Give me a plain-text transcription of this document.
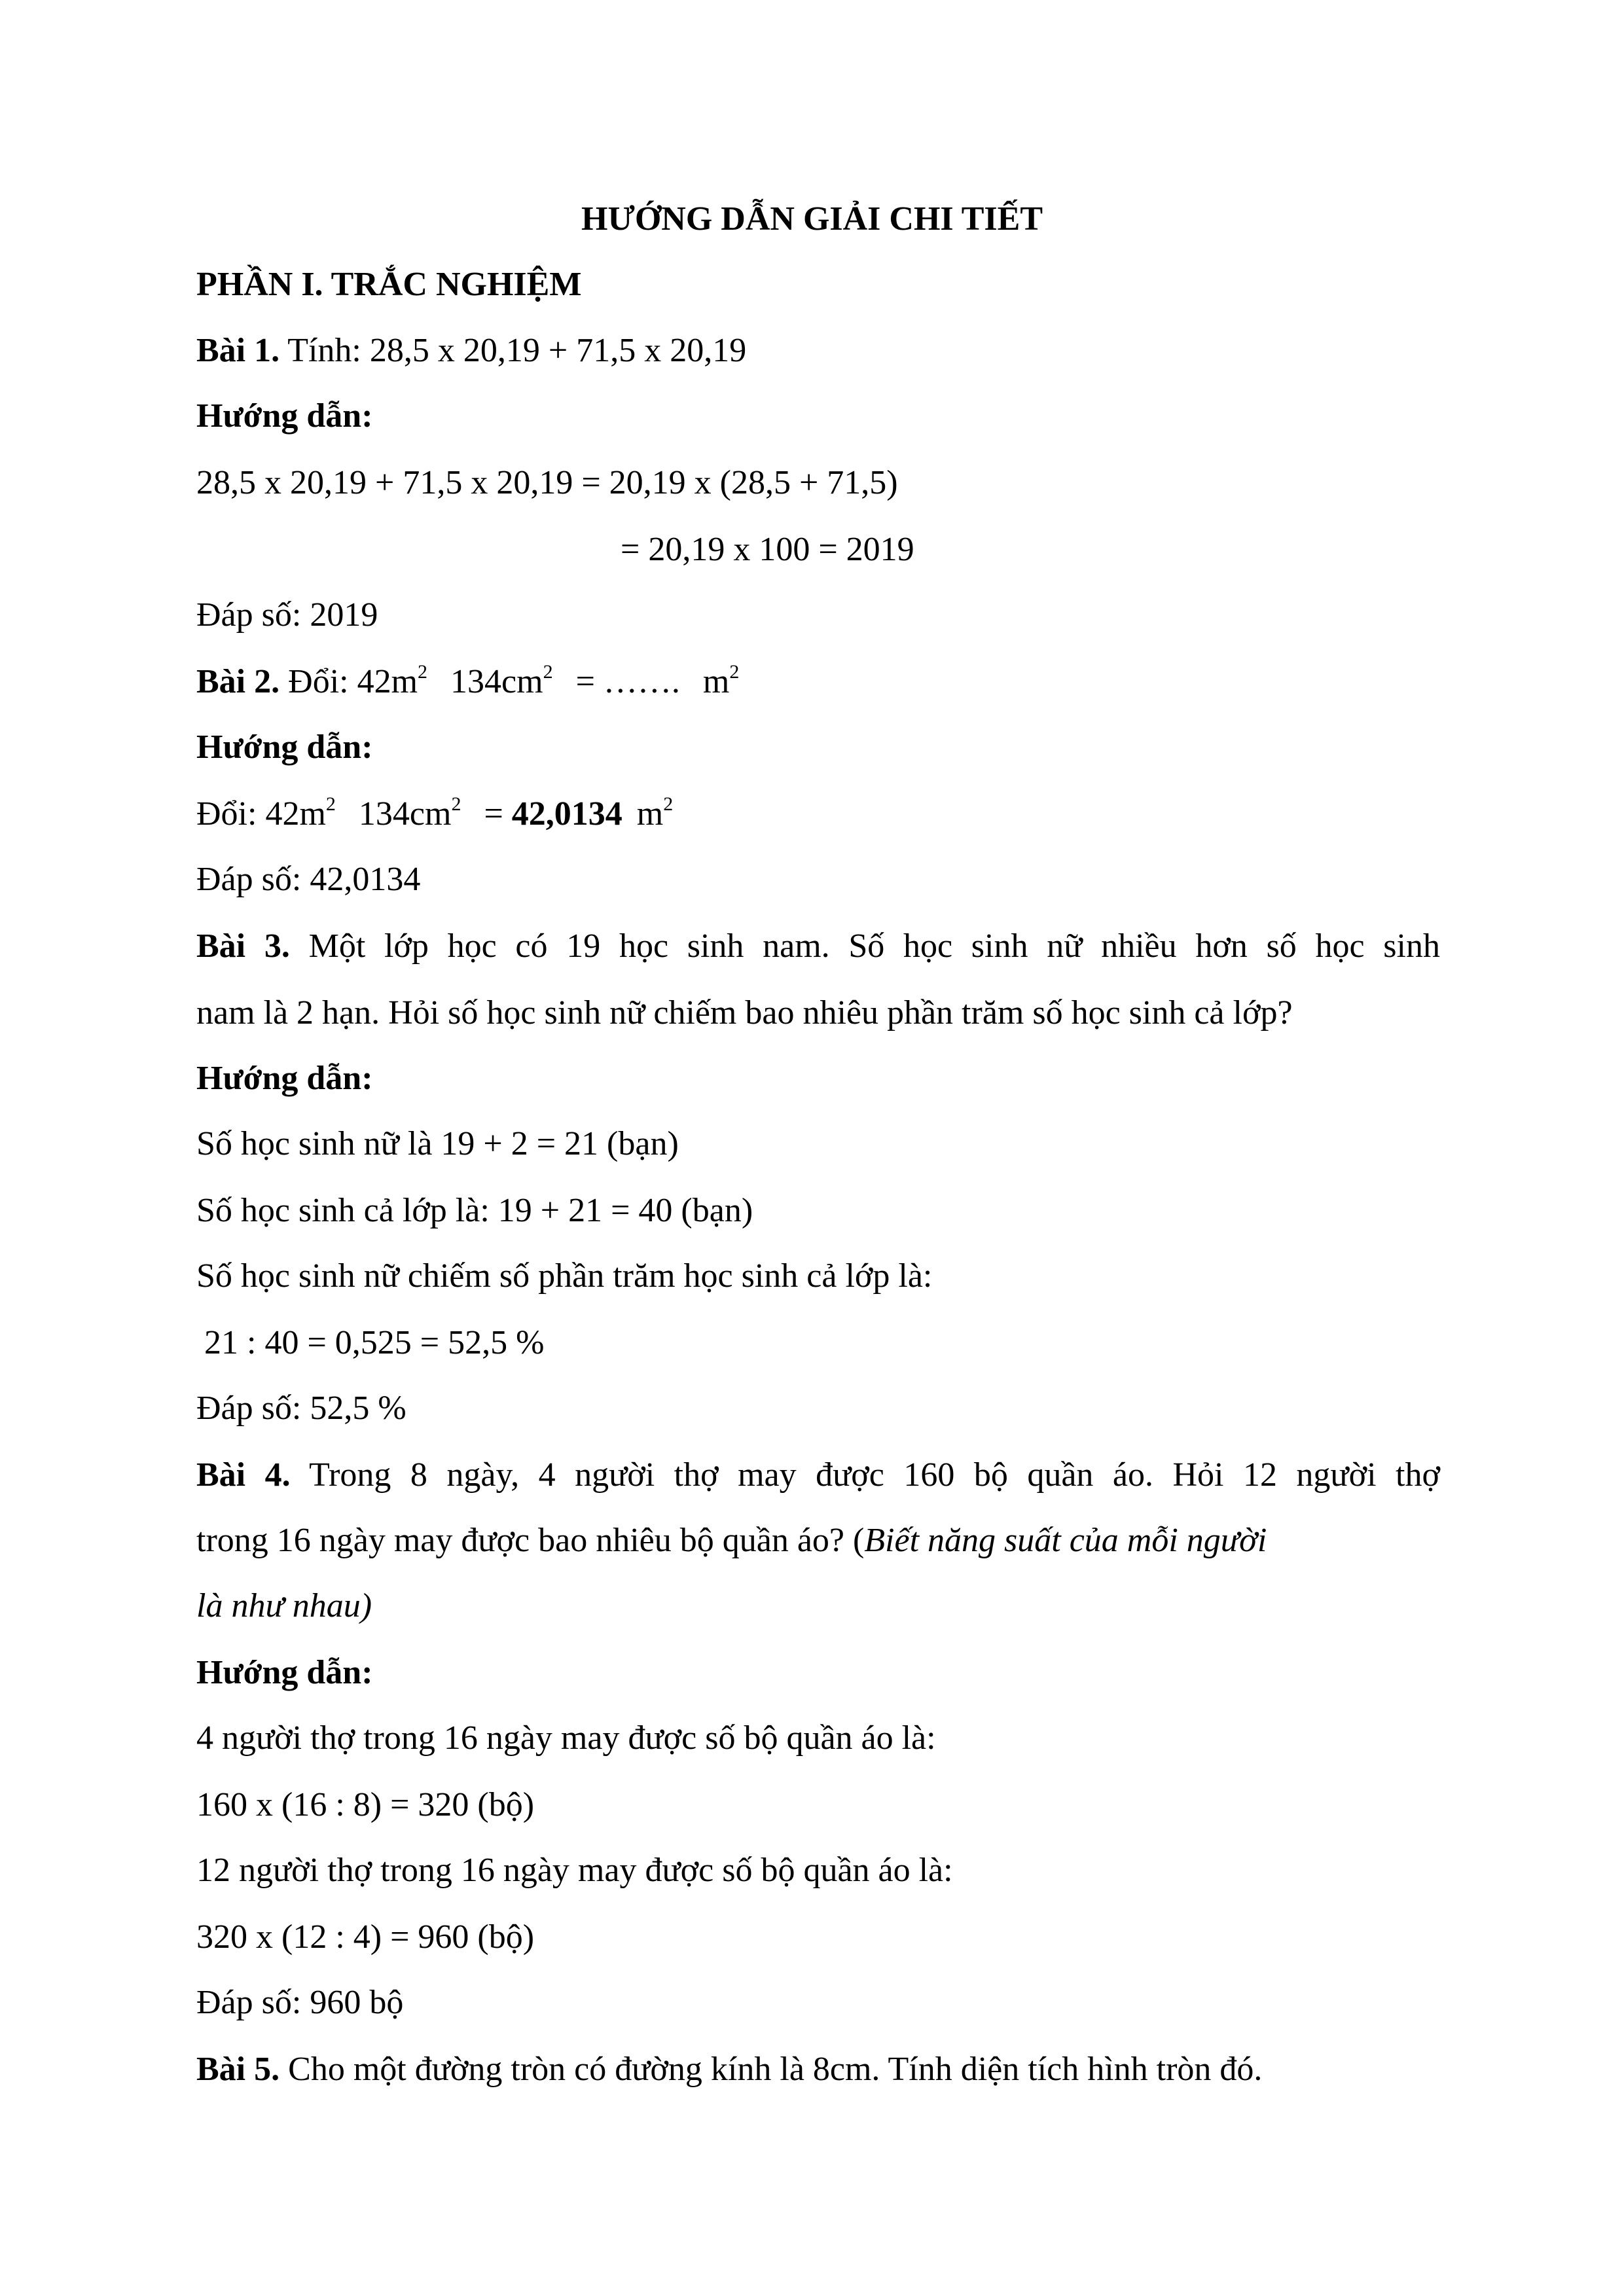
HƯỚNG DẪN GIẢI CHI TIẾT
PHẦN I. TRẮC NGHIỆM
Bài 1. Tính: 28,5 x 20,19 + 71,5 x 20,19
Hướng dẫn:
28,5 x 20,19 + 71,5 x 20,19 = 20,19 x (28,5 + 71,5)
= 20,19 x 100 = 2019
Đáp số: 2019
Bài 2. Đổi: $42m^2$ $134cm^2$ = ……. $m^2$
Hướng dẫn:
Đổi: $42m^2$ $134cm^2 = 42,0134$ $m^2$
Đáp số: 42,0134
Bài 3. Một lớp học có 19 học sinh nam. Số học sinh nữ nhiều hơn số học sinh
nam là 2 hạn. Hỏi số học sinh nữ chiếm bao nhiêu phần trăm số học sinh cả lớp?
Hướng dẫn:
Số học sinh nữ là 19 + 2 = 21 (bạn)
Số học sinh cả lớp là: 19 + 21 = 40 (bạn)
Số học sinh nữ chiếm số phần trăm học sinh cả lớp là:
21 : 40 = 0,525 = 52,5 %
Đáp số: 52,5 %
Bài 4. Trong 8 ngày, 4 người thợ may được 160 bộ quần áo. Hỏi 12 người thợ
trong 16 ngày may được bao nhiêu bộ quần áo? (Biết năng suất của mỗi người
là như nhau)
Hướng dẫn:
4 người thợ trong 16 ngày may được số bộ quần áo là:
160 x (16 : 8) = 320 (bộ)
12 người thợ trong 16 ngày may được số bộ quần áo là:
320 x (12 : 4) = 960 (bộ)
Đáp số: 960 bộ
Bài 5. Cho một đường tròn có đường kính là 8cm. Tính diện tích hình tròn đó.
